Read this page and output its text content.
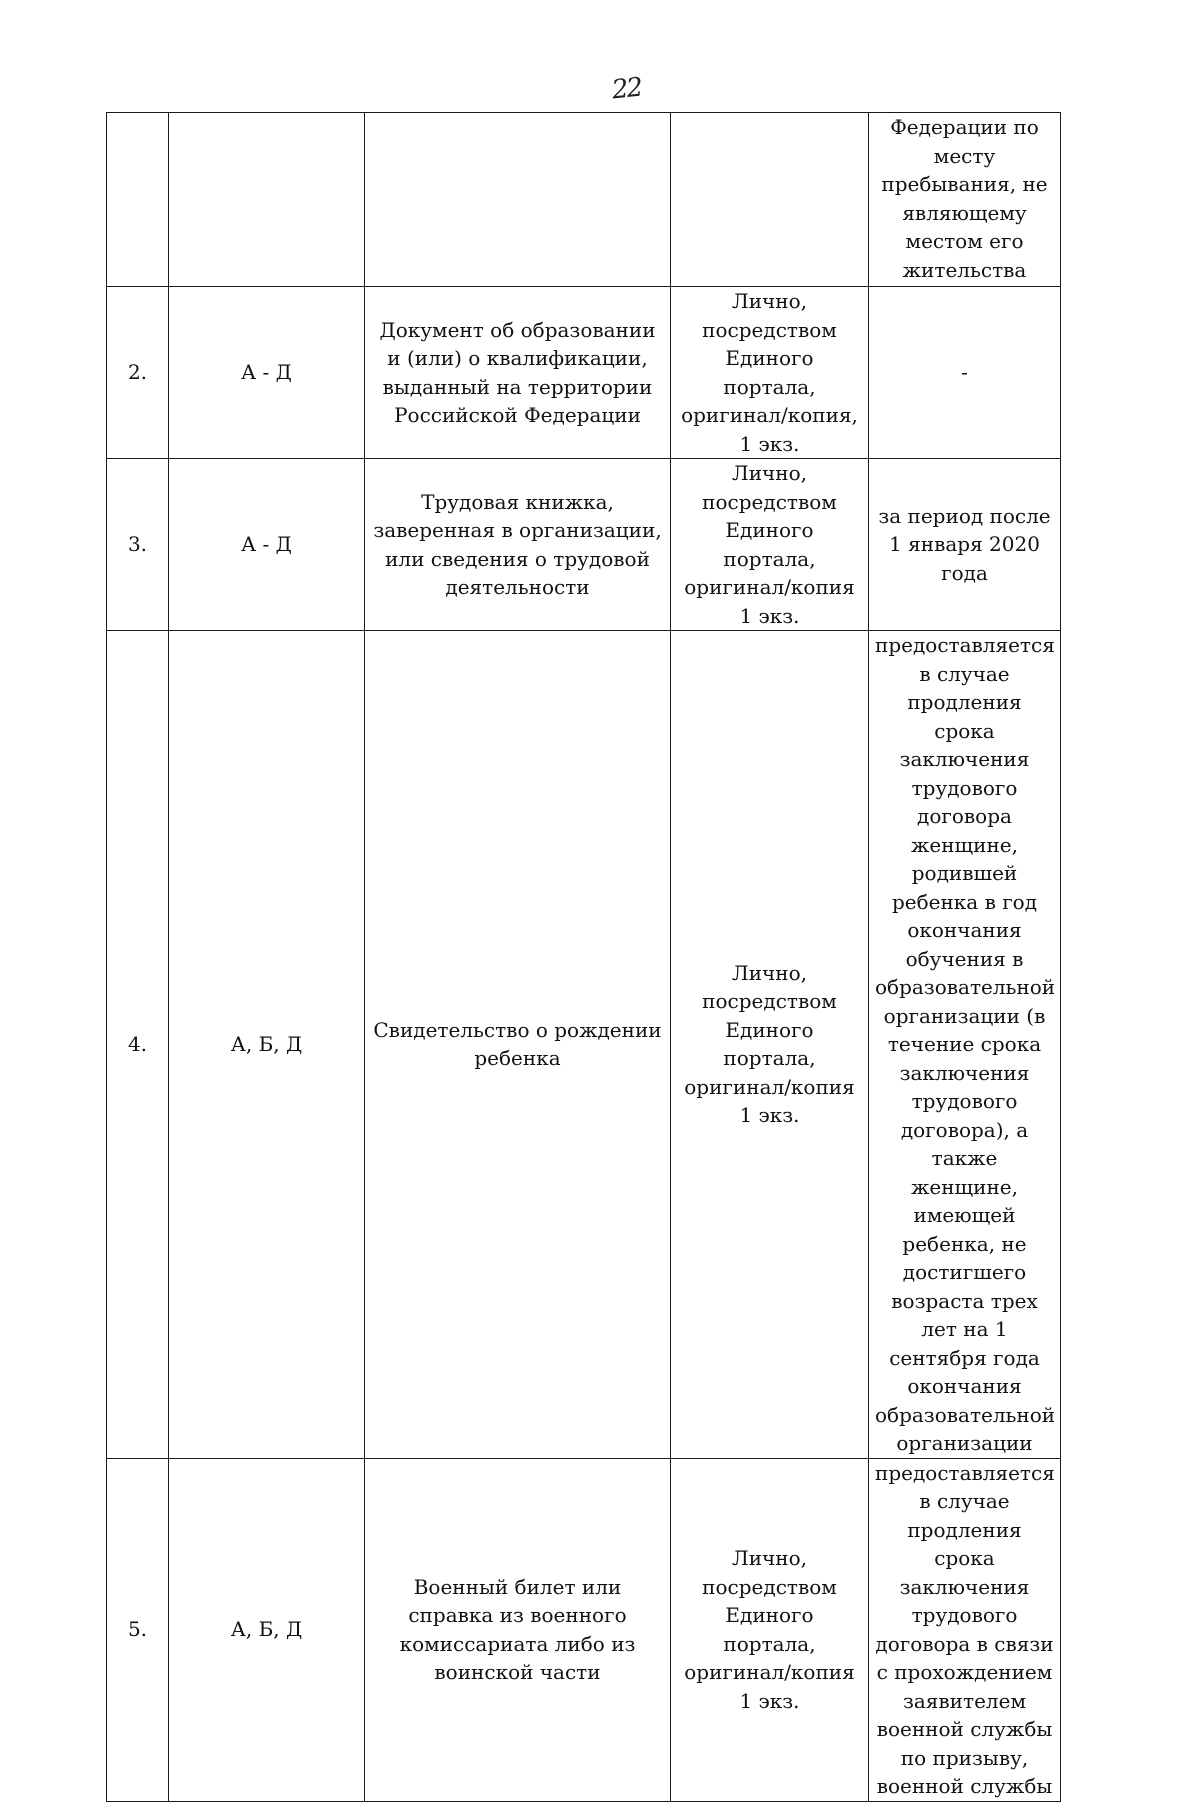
22
				Федерации по месту пребывания, не являющему местом его жительства
2.	А - Д	Документ об образовании и (или) о квалификации, выданный на территории Российской Федерации	Лично, посредством Единого портала, оригинал/копия, 1 экз.	-
3.	А - Д	Трудовая книжка, заверенная в организации, или сведения о трудовой деятельности	Лично, посредством Единого портала, оригинал/копия 1 экз.	за период после 1 января 2020 года
4.	А, Б, Д	Свидетельство о рождении ребенка	Лично, посредством Единого портала, оригинал/копия 1 экз.	предоставляется в случае продления срока заключения трудового договора женщине, родившей ребенка в год окончания обучения в образовательной организации (в течение срока заключения трудового договора), а также женщине, имеющей ребенка, не достигшего возраста трех лет на 1 сентября года окончания образовательной организации
5.	А, Б, Д	Военный билет или справка из военного комиссариата либо из воинской части	Лично, посредством Единого портала, оригинал/копия 1 экз.	предоставляется в случае продления срока заключения трудового договора в связи с прохождением заявителем военной службы по призыву, военной службы
